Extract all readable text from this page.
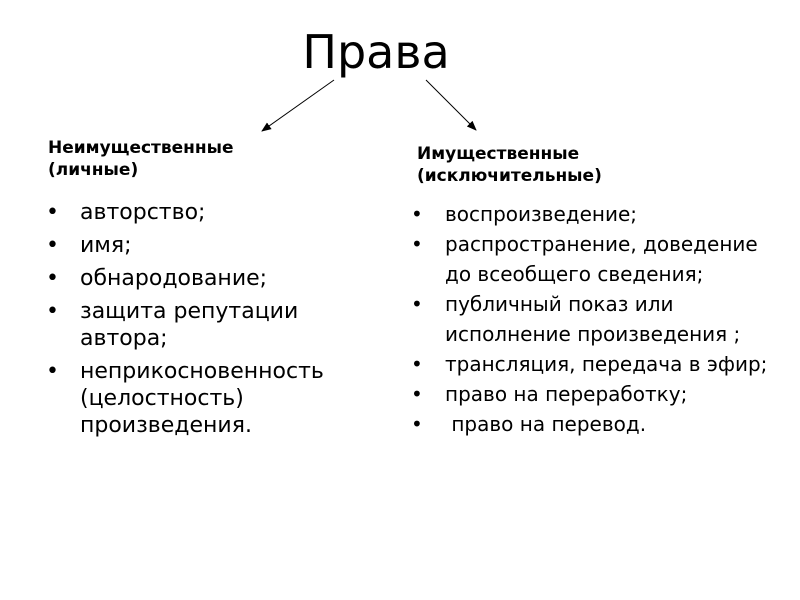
Права
Неимущественные
(личные)
Имущественные
(исключительные)
• авторство;
• имя;
• обнародование;
• защита репутации автора;
• неприкосновенность (целостность) произведения.
• воспроизведение;
• распространение, доведение до всеобщего сведения;
• публичный показ или исполнение произведения ;
• трансляция, передача в эфир;
• право на переработку;
• право на перевод.
